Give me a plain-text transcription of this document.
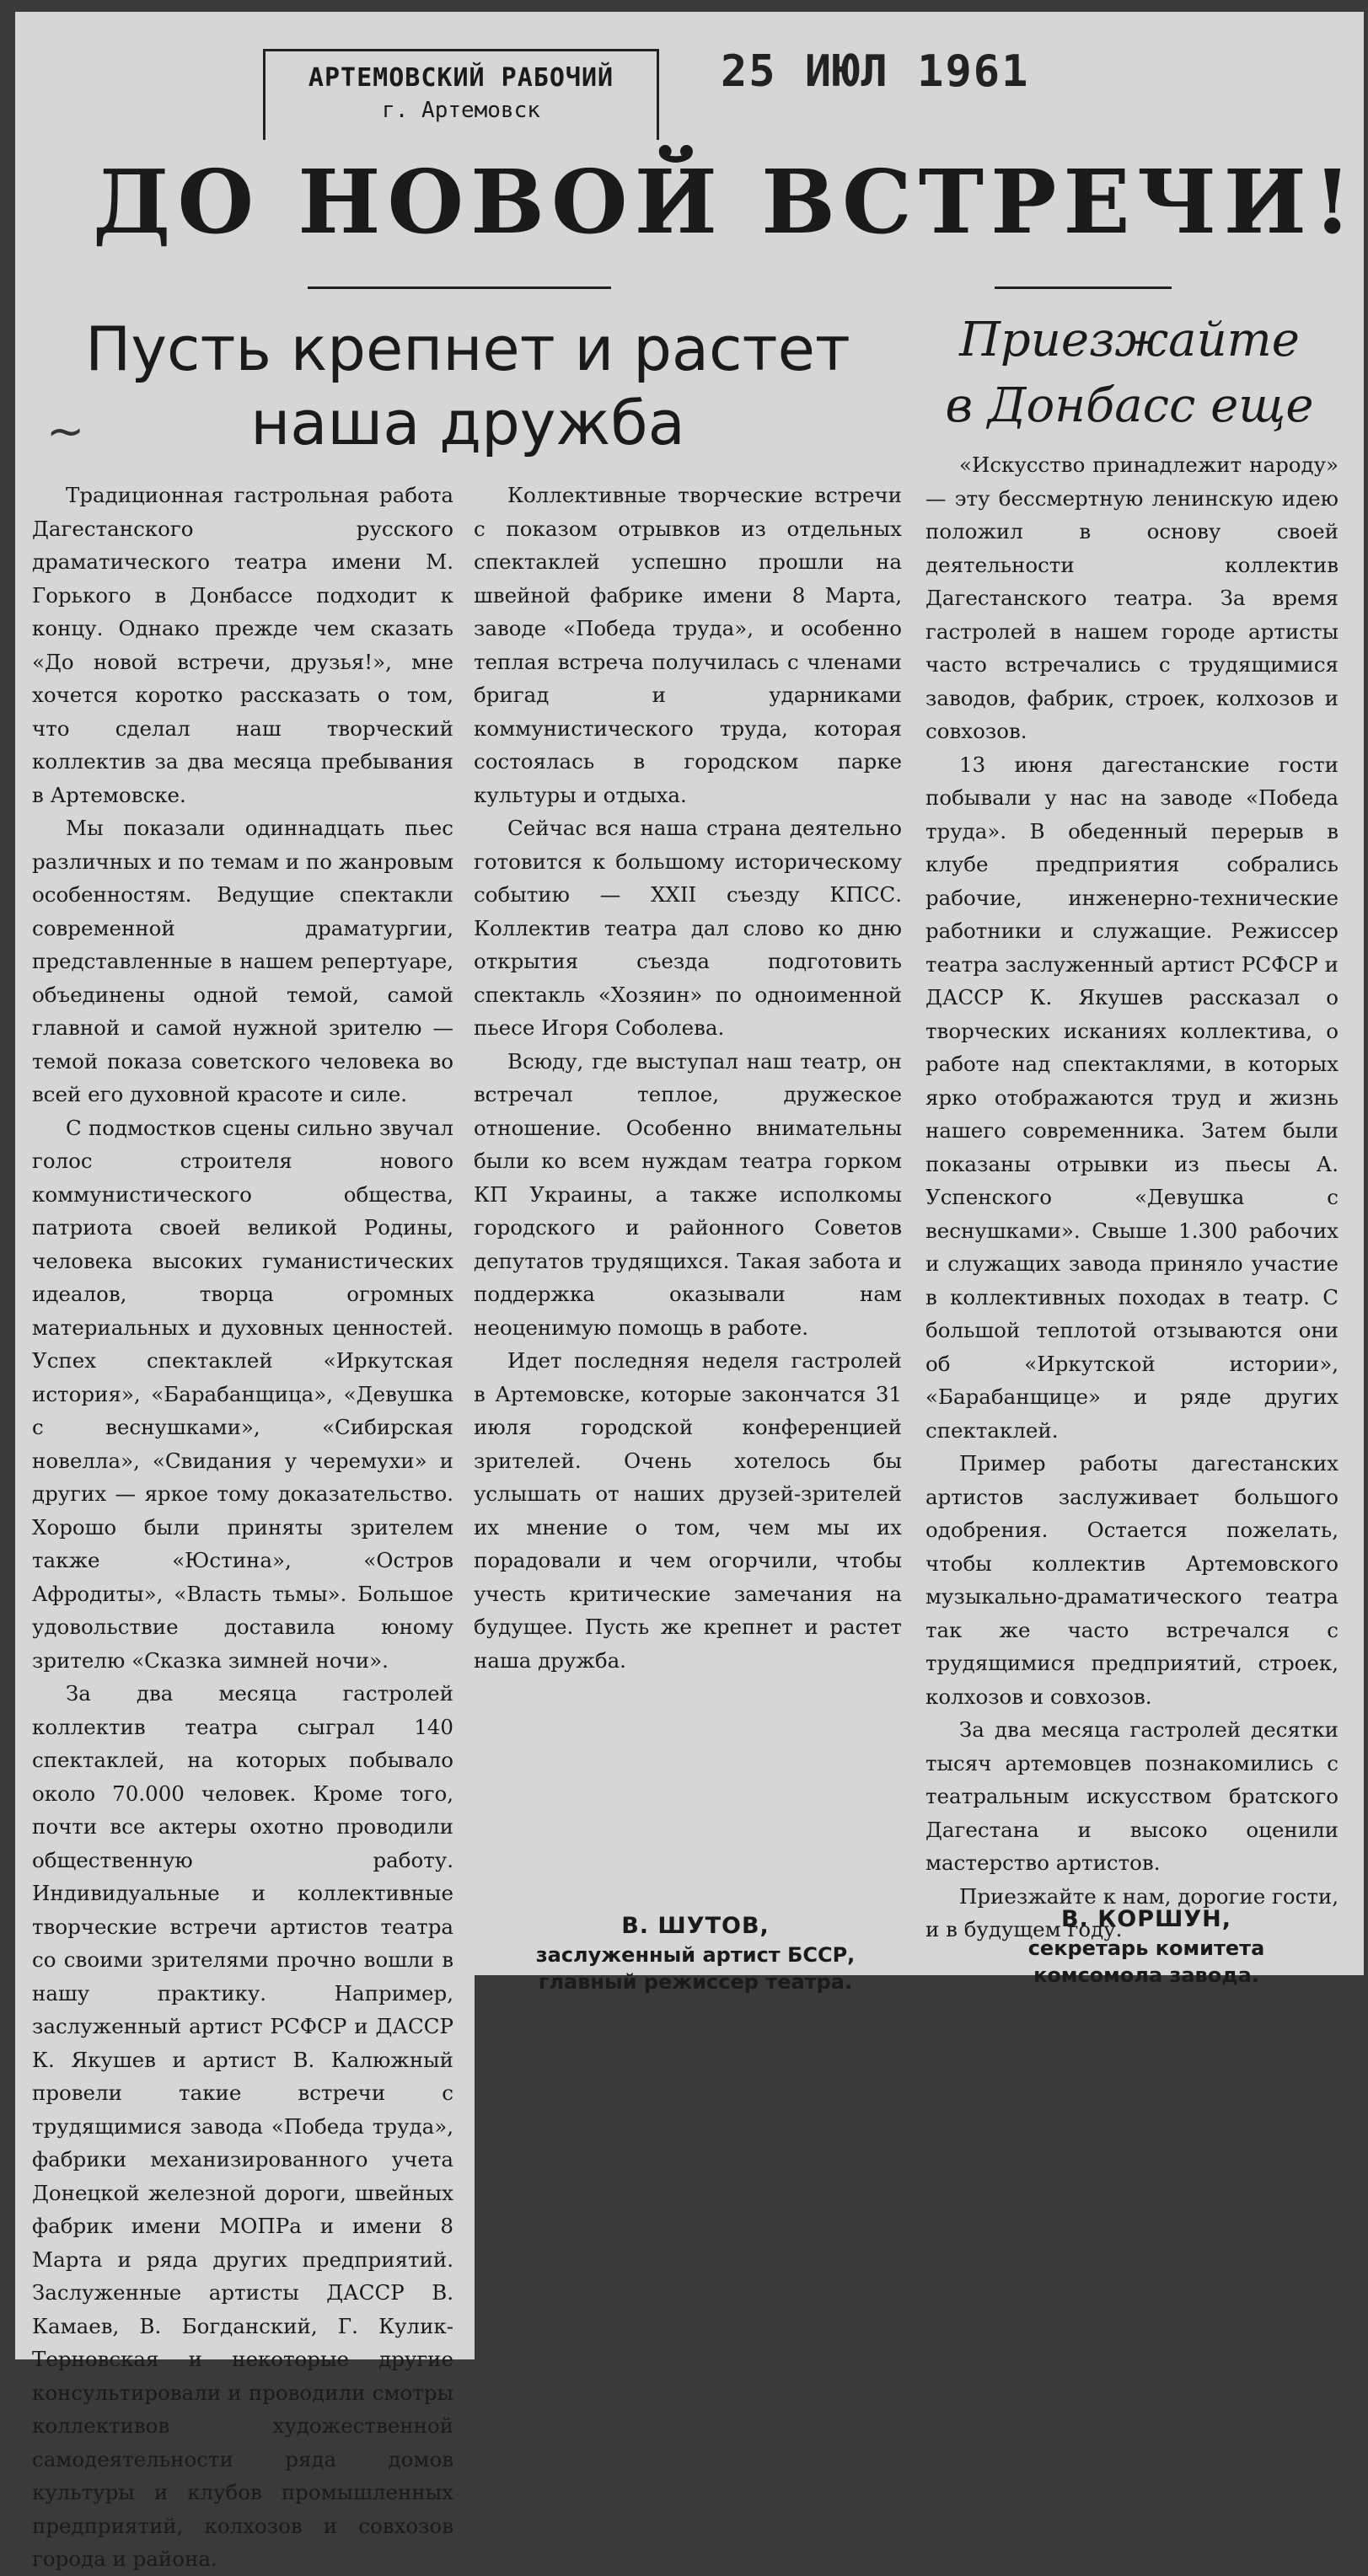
АРТЕМОВСКИЙ РАБОЧИЙ
г. Артемовск
25 ИЮЛ 1961
ДО НОВОЙ ВСТРЕЧИ!
Пусть крепнет и растет
наша дружба
~
Приезжайте
в Донбасс еще

Традиционная гастрольная работа Дагестанского русского драматического театра имени М. Горького в Донбассе подходит к концу. Однако прежде чем сказать «До новой встречи, друзья!», мне хочется коротко рассказать о том, что сделал наш творческий коллектив за два месяца пребывания в Артемовске.

Мы показали одиннадцать пьес различных и по темам и по жанровым особенностям. Ведущие спектакли современной драматургии, представленные в нашем репертуаре, объединены одной темой, самой главной и самой нужной зрителю — темой показа советского человека во всей его духовной красоте и силе.

С подмостков сцены сильно звучал голос строителя нового коммунистического общества, патриота своей великой Родины, человека высоких гуманистических идеалов, творца огромных материальных и духовных ценностей. Успех спектаклей «Иркутская история», «Барабанщица», «Девушка с веснушками», «Сибирская новелла», «Свидания у черемухи» и других — яркое тому доказательство. Хорошо были приняты зрителем также «Юстина», «Остров Афродиты», «Власть тьмы». Большое удовольствие доставила юному зрителю «Сказка зимней ночи».

За два месяца гастролей коллектив театра сыграл 140 спектаклей, на которых побывало около 70.000 человек. Кроме того, почти все актеры охотно проводили общественную работу. Индивидуальные и коллективные творческие встречи артистов театра со своими зрителями прочно вошли в нашу практику. Например, заслуженный артист РСФСР и ДАССР К. Якушев и артист В. Калюжный провели такие встречи с трудящимися завода «Победа труда», фабрики механизированного учета Донецкой железной дороги, швейных фабрик имени МОПРа и имени 8 Марта и ряда других предприятий. Заслуженные артисты ДАССР В. Камаев, В. Богданский, Г. Кулик-Терновская и некоторые другие консультировали и проводили смотры коллективов художественной самодеятельности ряда домов культуры и клубов промышленных предприятий, колхозов и совхозов города и района.

Коллективные творческие встречи с показом отрывков из отдельных спектаклей успешно прошли на швейной фабрике имени 8 Марта, заводе «Победа труда», и особенно теплая встреча получилась с членами бригад и ударниками коммунистического труда, которая состоялась в городском парке культуры и отдыха.

Сейчас вся наша страна деятельно готовится к большому историческому событию — XXII съезду КПСС. Коллектив театра дал слово ко дню открытия съезда подготовить спектакль «Хозяин» по одноименной пьесе Игоря Соболева.

Всюду, где выступал наш театр, он встречал теплое, дружеское отношение. Особенно внимательны были ко всем нуждам театра горком КП Украины, а также исполкомы городского и районного Советов депутатов трудящихся. Такая забота и поддержка оказывали нам неоценимую помощь в работе.

Идет последняя неделя гастролей в Артемовске, которые закончатся 31 июля городской конференцией зрителей. Очень хотелось бы услышать от наших друзей-зрителей их мнение о том, чем мы их порадовали и чем огорчили, чтобы учесть критические замечания на будущее. Пусть же крепнет и растет наша дружба.

В. ШУТОВ,
заслуженный артист БССР,
главный режиссер театра.

«Искусство принадлежит народу» — эту бессмертную ленинскую идею положил в основу своей деятельности коллектив Дагестанского театра. За время гастролей в нашем городе артисты часто встречались с трудящимися заводов, фабрик, строек, колхозов и совхозов.

13 июня дагестанские гости побывали у нас на заводе «Победа труда». В обеденный перерыв в клубе предприятия собрались рабочие, инженерно-технические работники и служащие. Режиссер театра заслуженный артист РСФСР и ДАССР К. Якушев рассказал о творческих исканиях коллектива, о работе над спектаклями, в которых ярко отображаются труд и жизнь нашего современника. Затем были показаны отрывки из пьесы А. Успенского «Девушка с веснушками». Свыше 1.300 рабочих и служащих завода приняло участие в коллективных походах в театр. С большой теплотой отзываются они об «Иркутской истории», «Барабанщице» и ряде других спектаклей.

Пример работы дагестанских артистов заслуживает большого одобрения. Остается пожелать, чтобы коллектив Артемовского музыкально-драматического театра так же часто встречался с трудящимися предприятий, строек, колхозов и совхозов.

За два месяца гастролей десятки тысяч артемовцев познакомились с театральным искусством братского Дагестана и высоко оценили мастерство артистов.

Приезжайте к нам, дорогие гости, и в будущем году.

В. КОРШУН,
секретарь комитета
комсомола завода.
